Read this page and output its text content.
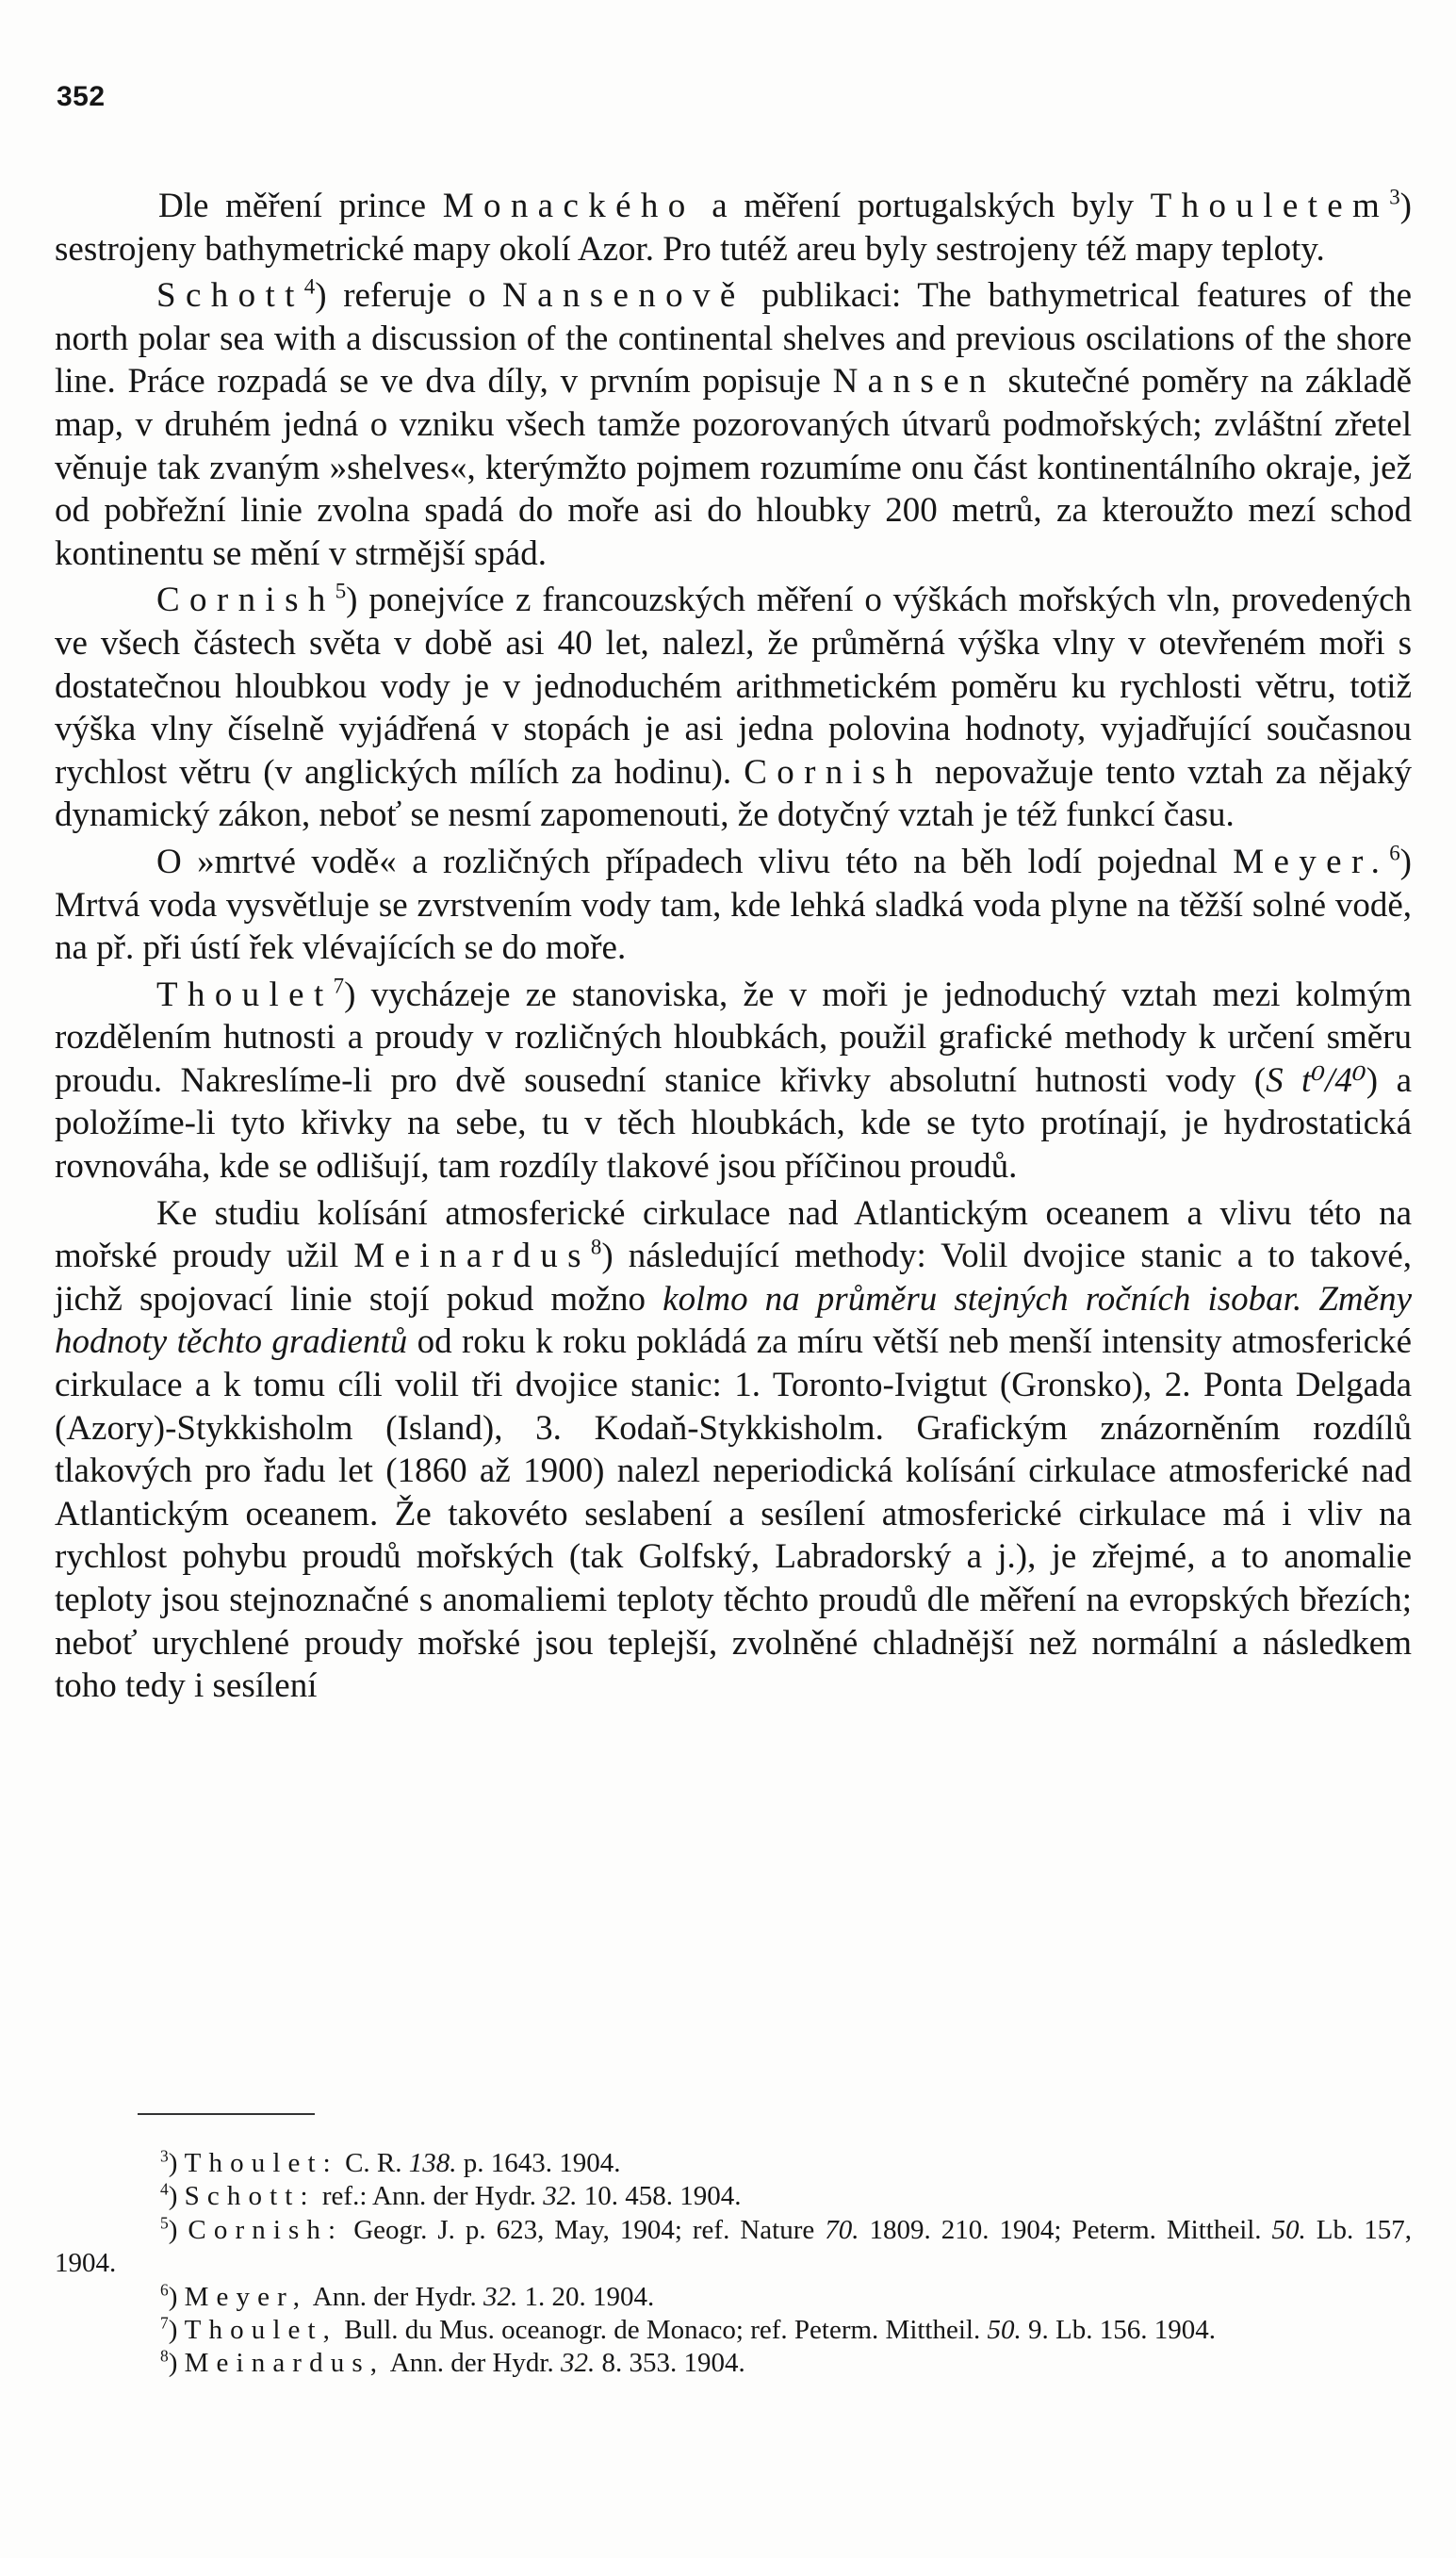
352

Dle měření prince Monackého a měření portugalských byly Thouletem$^3$) sestrojeny bathymetrické mapy okolí Azor. Pro tutéž areu byly sestrojeny též mapy teploty.

Schott$^4$) referuje o Nansenově publikaci: The bathymetrical features of the north polar sea with a discussion of the continental shelves and previous oscilations of the shore line. Práce rozpadá se ve dva díly, v prvním popisuje Nansen skutečné poměry na základě map, v druhém jedná o vzniku všech tamže pozorovaných útvarů podmořských; zvláštní zřetel věnuje tak zvaným »shelves«, kterýmžto pojmem rozumíme onu část kontinentálního okraje, jež od pobřežní linie zvolna spadá do moře asi do hloubky 200 metrů, za kteroužto mezí schod kontinentu se mění v strmější spád.

Cornish$^5$) ponejvíce z francouzských měření o výškách mořských vln, provedených ve všech částech světa v době asi 40 let, nalezl, že průměrná výška vlny v otevřeném moři s dostatečnou hloubkou vody je v jednoduchém arithmetickém poměru ku rychlosti větru, totiž výška vlny číselně vyjádřená v stopách je asi jedna polovina hodnoty, vyjadřující současnou rychlost větru (v anglických mílích za hodinu). Cornish nepovažuje tento vztah za nějaký dynamický zákon, neboť se nesmí zapomenouti, že dotyčný vztah je též funkcí času.

O »mrtvé vodě« a rozličných případech vlivu této na běh lodí pojednal Meyer.$^6$) Mrtvá voda vysvětluje se zvrstvením vody tam, kde lehká sladká voda plyne na těžší solné vodě, na př. při ústí řek vlévajících se do moře.

Thoulet$^7$) vycházeje ze stanoviska, že v moři je jednoduchý vztah mezi kolmým rozdělením hutnosti a proudy v rozličných hloubkách, použil grafické methody k určení směru proudu. Nakreslíme-li pro dvě sousední stanice křivky absolutní hutnosti vody (S t⁰/4⁰) a položíme-li tyto křivky na sebe, tu v těch hloubkách, kde se tyto protínají, je hydrostatická rovnováha, kde se odlišují, tam rozdíly tlakové jsou příčinou proudů.

Ke studiu kolísání atmosferické cirkulace nad Atlantickým oceanem a vlivu této na mořské proudy užil Meinardus$^8$) následující methody: Volil dvojice stanic a to takové, jichž spojovací linie stojí pokud možno kolmo na průměru stejných ročních isobar. Změny hodnoty těchto gradientů od roku k roku pokládá za míru větší neb menší intensity atmosferické cirkulace a k tomu cíli volil tři dvojice stanic: 1. Toronto-Ivigtut (Gronsko), 2. Ponta Delgada (Azory)-Stykkisholm (Island), 3. Kodaň-Stykkisholm. Grafickým znázorněním rozdílů tlakových pro řadu let (1860 až 1900) nalezl neperiodická kolísání cirkulace atmosferické nad Atlantickým oceanem. Že takovéto seslabení a sesílení atmosferické cirkulace má i vliv na rychlost pohybu proudů mořských (tak Golfský, Labradorský a j.), je zřejmé, a to anomalie teploty jsou stejnoznačné s anomaliemi teploty těchto proudů dle měření na evropských březích; neboť urychlené proudy mořské jsou teplejší, zvolněné chladnější než normální a následkem toho tedy i sesílení

$^3$) Thoulet: C. R. 138. p. 1643. 1904.

$^4$) Schott: ref.: Ann. der Hydr. 32. 10. 458. 1904.

$^5$) Cornish: Geogr. J. p. 623, May, 1904; ref. Nature 70. 1809. 210. 1904; Peterm. Mittheil. 50. Lb. 157, 1904.

$^6$) Meyer, Ann. der Hydr. 32. 1. 20. 1904.

$^7$) Thoulet, Bull. du Mus. oceanogr. de Monaco; ref. Peterm. Mittheil. 50. 9. Lb. 156. 1904.

$^8$) Meinardus, Ann. der Hydr. 32. 8. 353. 1904.
